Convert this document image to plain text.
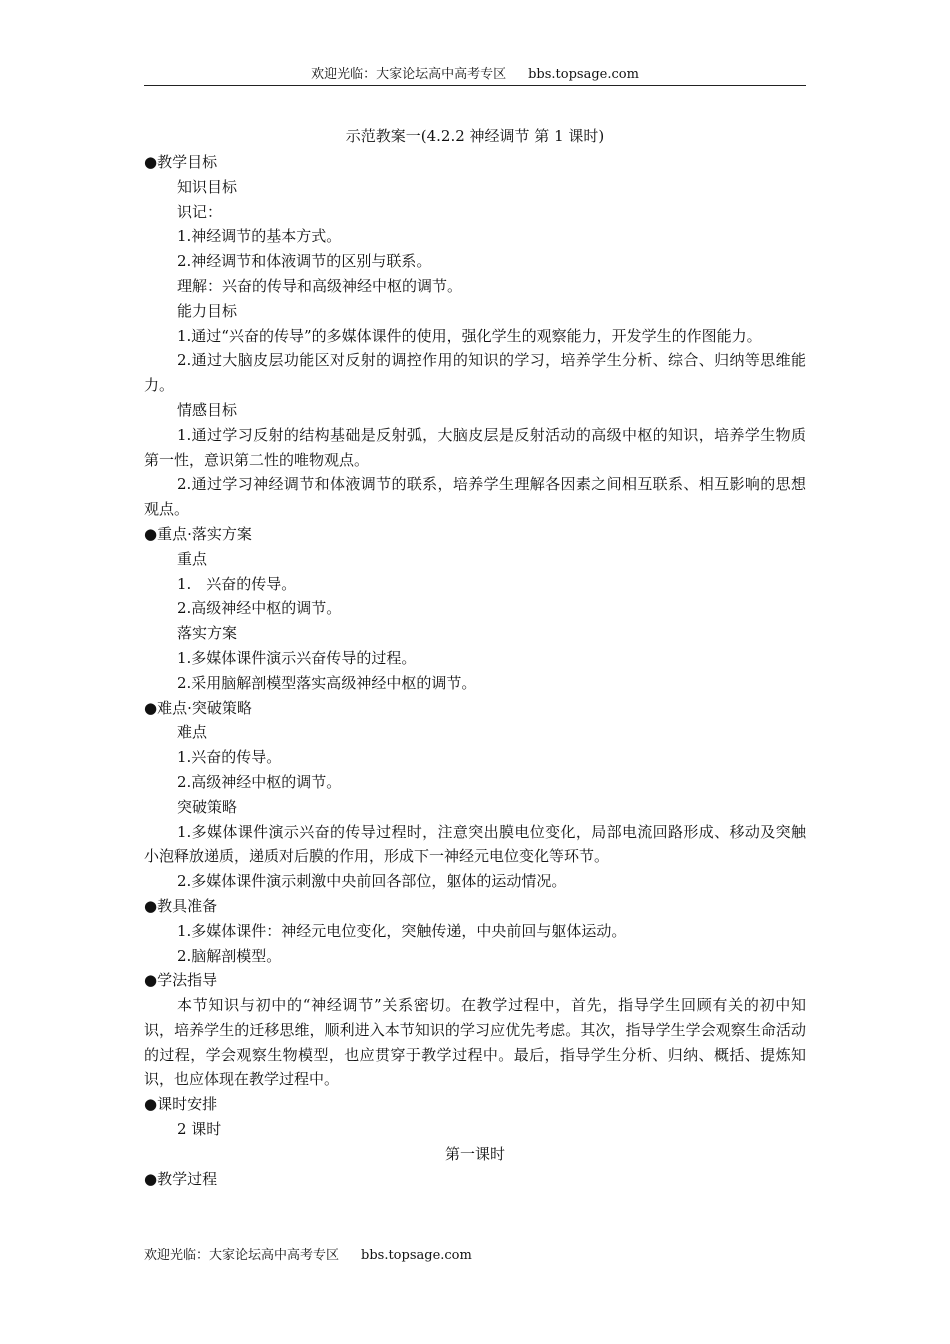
欢迎光临：大家论坛高中高考专区 bbs.topsage.com
示范教案一(4.2.2 神经调节 第 1 课时)

●教学目标

知识目标

识记：

1.神经调节的基本方式。

2.神经调节和体液调节的区别与联系。

理解：兴奋的传导和高级神经中枢的调节。

能力目标

1.通过“兴奋的传导”的多媒体课件的使用，强化学生的观察能力，开发学生的作图能力。

2.通过大脑皮层功能区对反射的调控作用的知识的学习，培养学生分析、综合、归纳等思维能力。

情感目标

1.通过学习反射的结构基础是反射弧，大脑皮层是反射活动的高级中枢的知识，培养学生物质第一性，意识第二性的唯物观点。

2.通过学习神经调节和体液调节的联系，培养学生理解各因素之间相互联系、相互影响的思想观点。

●重点·落实方案

重点

1.　兴奋的传导。

2.高级神经中枢的调节。

落实方案

1.多媒体课件演示兴奋传导的过程。

2.采用脑解剖模型落实高级神经中枢的调节。

●难点·突破策略

难点

1.兴奋的传导。

2.高级神经中枢的调节。

突破策略

1.多媒体课件演示兴奋的传导过程时，注意突出膜电位变化，局部电流回路形成、移动及突触小泡释放递质，递质对后膜的作用，形成下一神经元电位变化等环节。

2.多媒体课件演示刺激中央前回各部位，躯体的运动情况。

●教具准备

1.多媒体课件：神经元电位变化，突触传递，中央前回与躯体运动。

2.脑解剖模型。

●学法指导

本节知识与初中的“神经调节”关系密切。在教学过程中，首先，指导学生回顾有关的初中知识，培养学生的迁移思维，顺利进入本节知识的学习应优先考虑。其次，指导学生学会观察生命活动的过程，学会观察生物模型，也应贯穿于教学过程中。最后，指导学生分析、归纳、概括、提炼知识，也应体现在教学过程中。

●课时安排

2 课时

第一课时

●教学过程

欢迎光临：大家论坛高中高考专区 bbs.topsage.com
